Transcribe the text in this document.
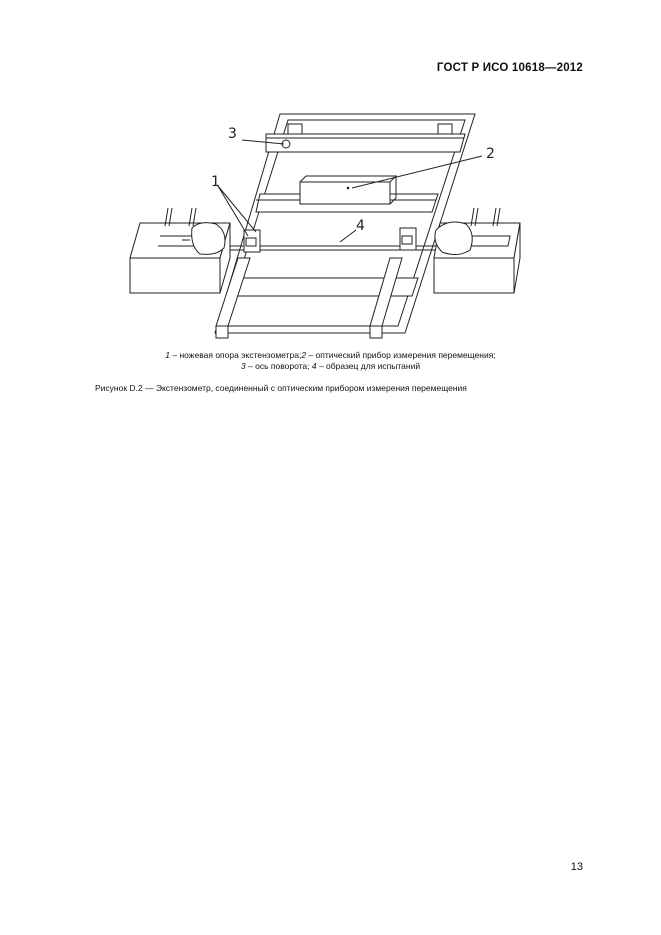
ГОСТ Р ИСО 10618—2012
3
2
1
4
1 – ножевая опора экстензометра;2 – оптический прибор измерения перемещения;
3 – ось поворота; 4 – образец для испытаний
Рисунок D.2 — Экстензометр, соединенный с оптическим прибором измерения перемещения
13
